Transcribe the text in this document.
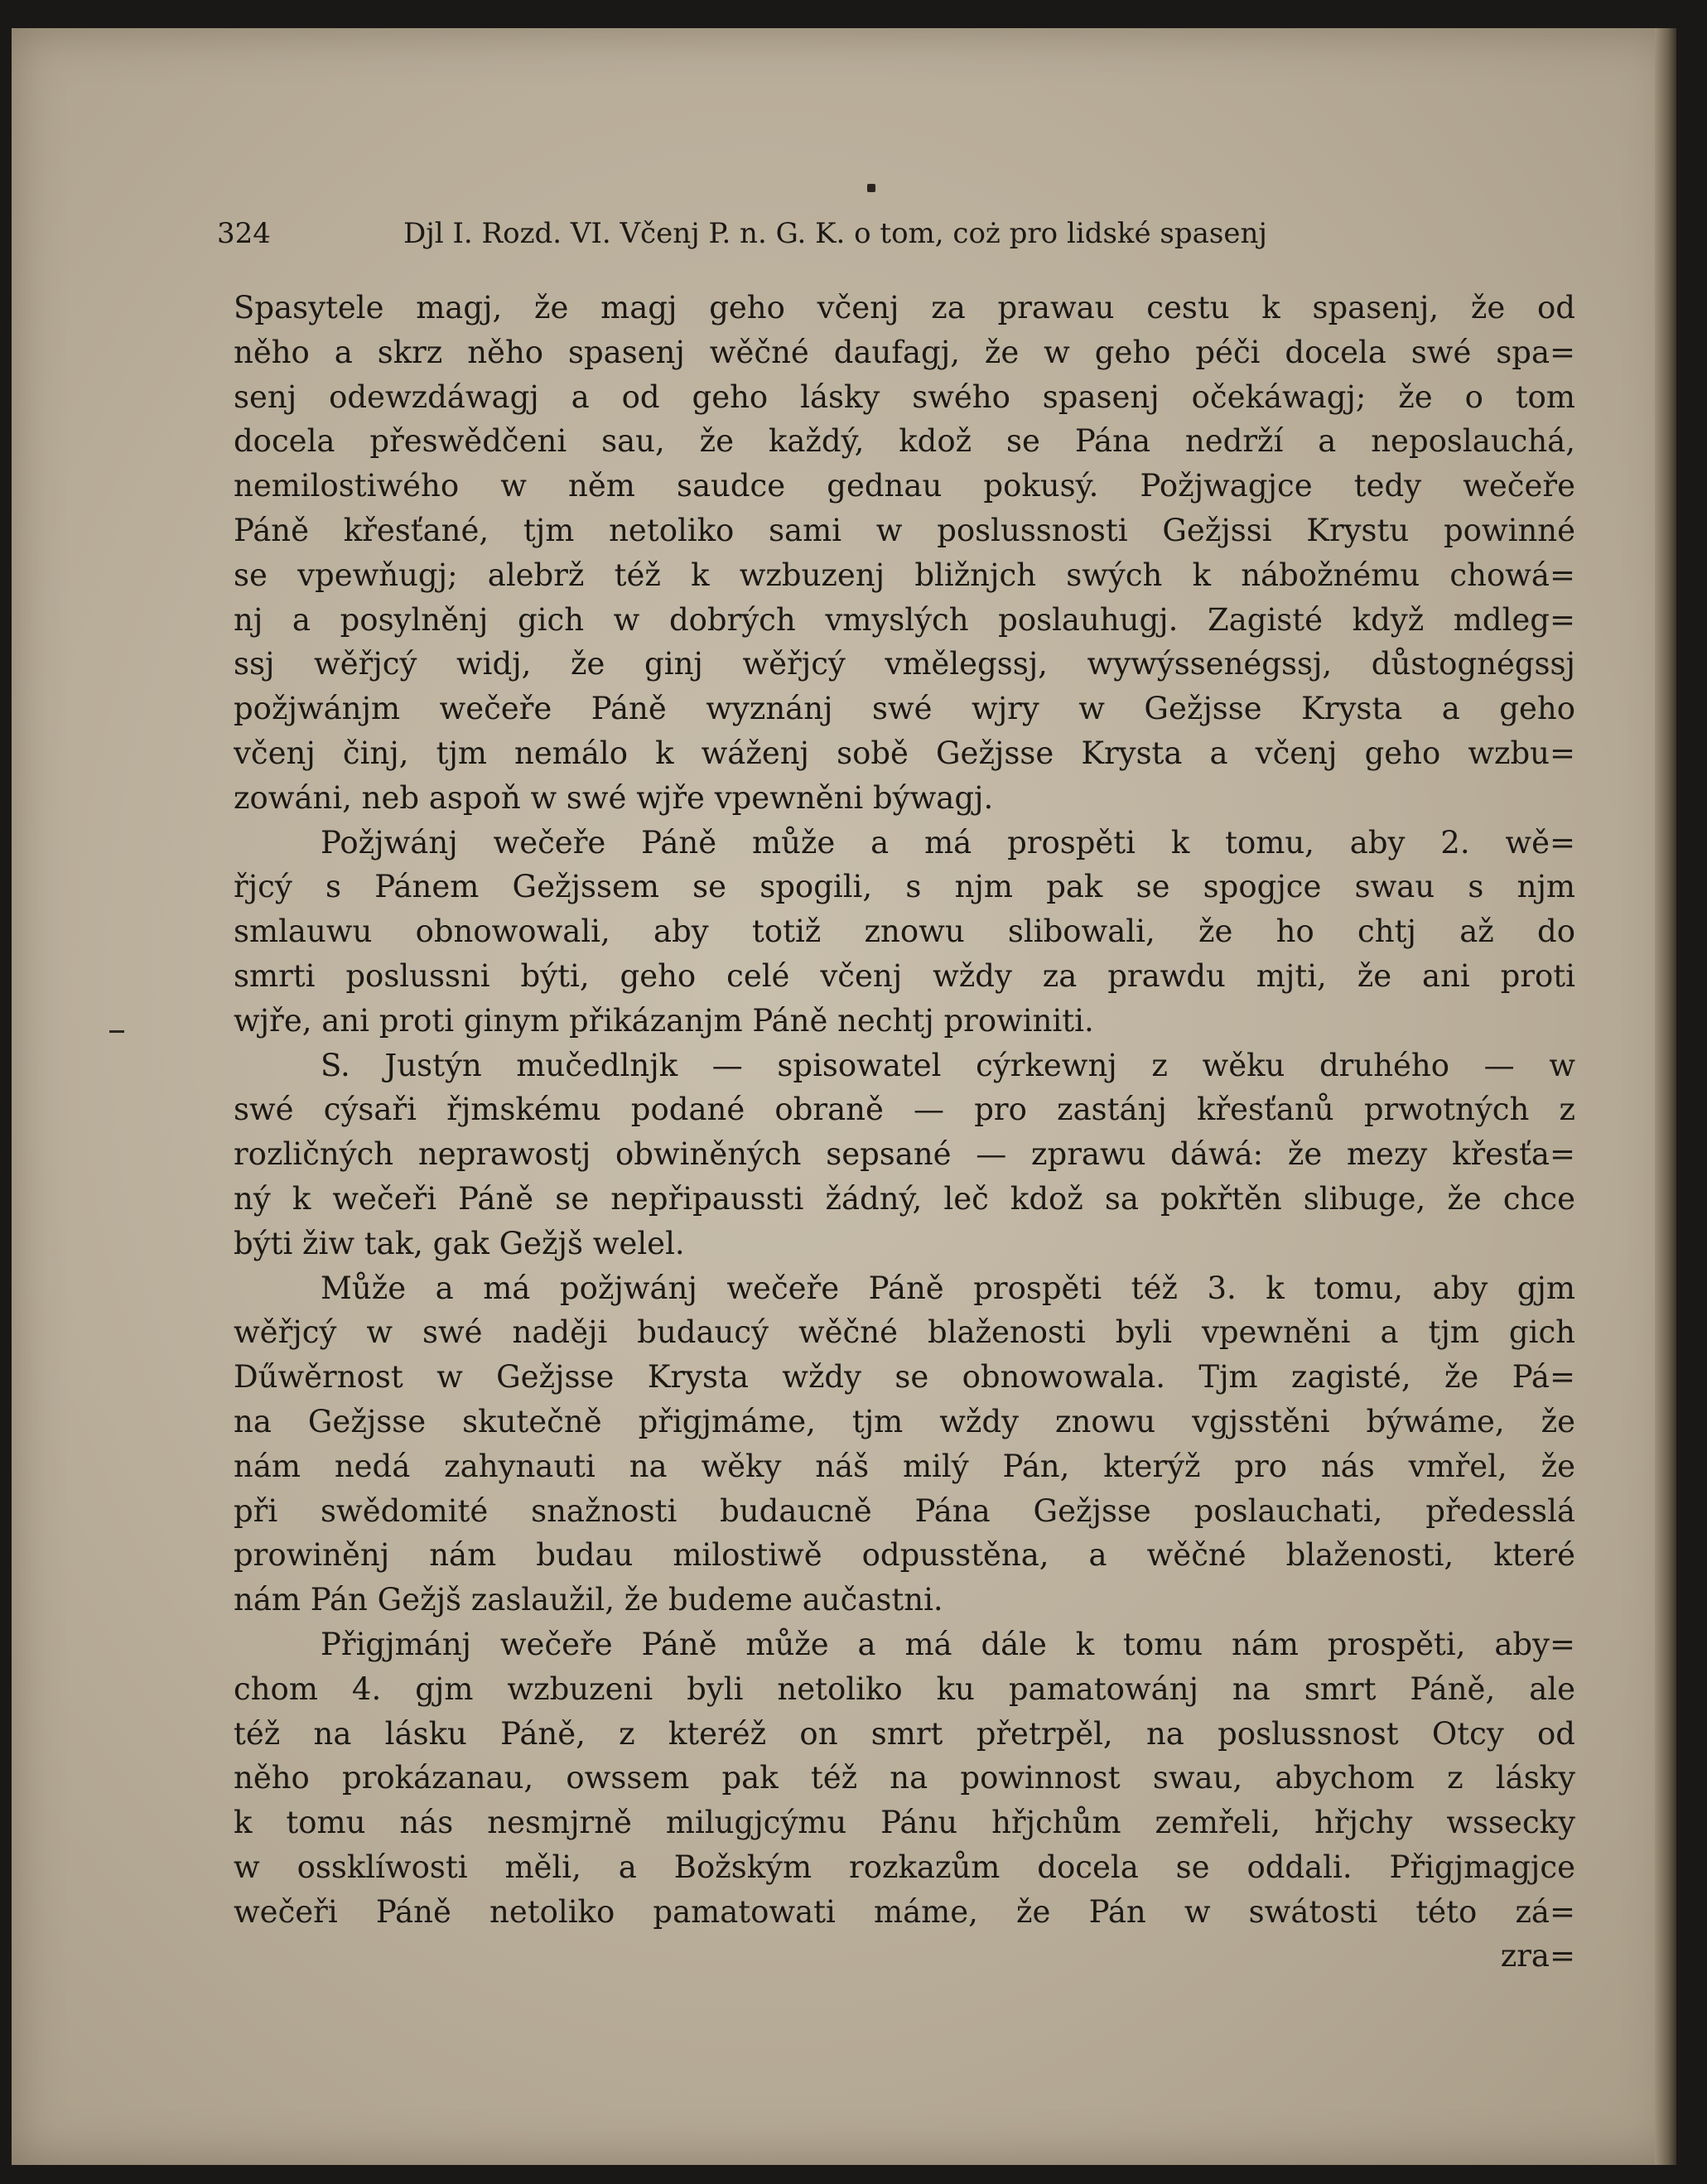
324	Djl I. Rozd. VI. Včenj P. n. G. K. o tom, coż pro lidské spasenj
Spasytele magj, že magj geho včenj za prawau cestu k spasenj, že od
něho a skrz něho spasenj wěčné daufagj, že w geho péči docela swé spa=
senj odewzdáwagj a od geho lásky swého spasenj očekáwagj; že o tom
docela přeswědčeni sau, že každý, kdož se Pána nedrží a neposlauchá,
nemilostiwého w něm saudce gednau pokusý. Požjwagjce tedy wečeře
Páně křesťané, tjm netoliko sami w poslussnosti Gežjssi Krystu powinné
se vpewňugj; alebrž též k wzbuzenj bližnjch swých k nábožnému chowá=
nj a posylněnj gich w dobrých vmyslých poslauhugj. Zagisté když mdleg=
ssj wěřjcý widj, že ginj wěřjcý vmělegssj, wywýssenégssj, důstognégssj
požjwánjm wečeře Páně wyznánj swé wjry w Gežjsse Krysta a geho
včenj činj, tjm nemálo k wáženj sobě Gežjsse Krysta a včenj geho wzbu=
zowáni, neb aspoň w swé wjře vpewněni býwagj.
Požjwánj wečeře Páně může a má prospěti k tomu, aby 2. wě=
řjcý s Pánem Gežjssem se spogili, s njm pak se spogjce swau s njm
smlauwu obnowowali, aby totiž znowu slibowali, že ho chtj až do
smrti poslussni býti, geho celé včenj wždy za prawdu mjti, že ani proti
wjře, ani proti ginym přikázanjm Páně nechtj prowiniti.
S. Justýn mučedlnjk — spisowatel cýrkewnj z wěku druhého — w
swé cýsaři řjmskému podané obraně — pro zastánj křesťanů prwotných z
rozličných neprawostj obwiněných sepsané — zprawu dáwá: že mezy křesťa=
ný k wečeři Páně se nepřipaussti žádný, leč kdož sa pokřtěn slibuge, že chce
býti žiw tak, gak Gežjš welel.
Může a má požjwánj wečeře Páně prospěti též 3. k tomu, aby gjm
wěřjcý w swé naději budaucý wěčné blaženosti byli vpewněni a tjm gich
Dűwěrnost w Gežjsse Krysta wždy se obnowowala. Tjm zagisté, že Pá=
na Gežjsse skutečně přigjmáme, tjm wždy znowu vgjsstěni býwáme, že
nám nedá zahynauti na wěky náš milý Pán, kterýž pro nás vmřel, že
při swědomité snažnosti budaucně Pána Gežjsse poslauchati, předesslá
prowiněnj nám budau milostiwě odpusstěna, a wěčné blaženosti, které
nám Pán Gežjš zaslaužil, že budeme aučastni.
Přigjmánj wečeře Páně může a má dále k tomu nám prospěti, aby=
chom 4. gjm wzbuzeni byli netoliko ku pamatowánj na smrt Páně, ale
též na lásku Páně, z kteréž on smrt přetrpěl, na poslussnost Otcy od
něho prokázanau, owssem pak též na powinnost swau, abychom z lásky
k tomu nás nesmjrně milugjcýmu Pánu hřjchům zemřeli, hřjchy wssecky
w ossklíwosti měli, a Božským rozkazům docela se oddali. Přigjmagjce
wečeři Páně netoliko pamatowati máme, že Pán w swátosti této zá=
zra=
